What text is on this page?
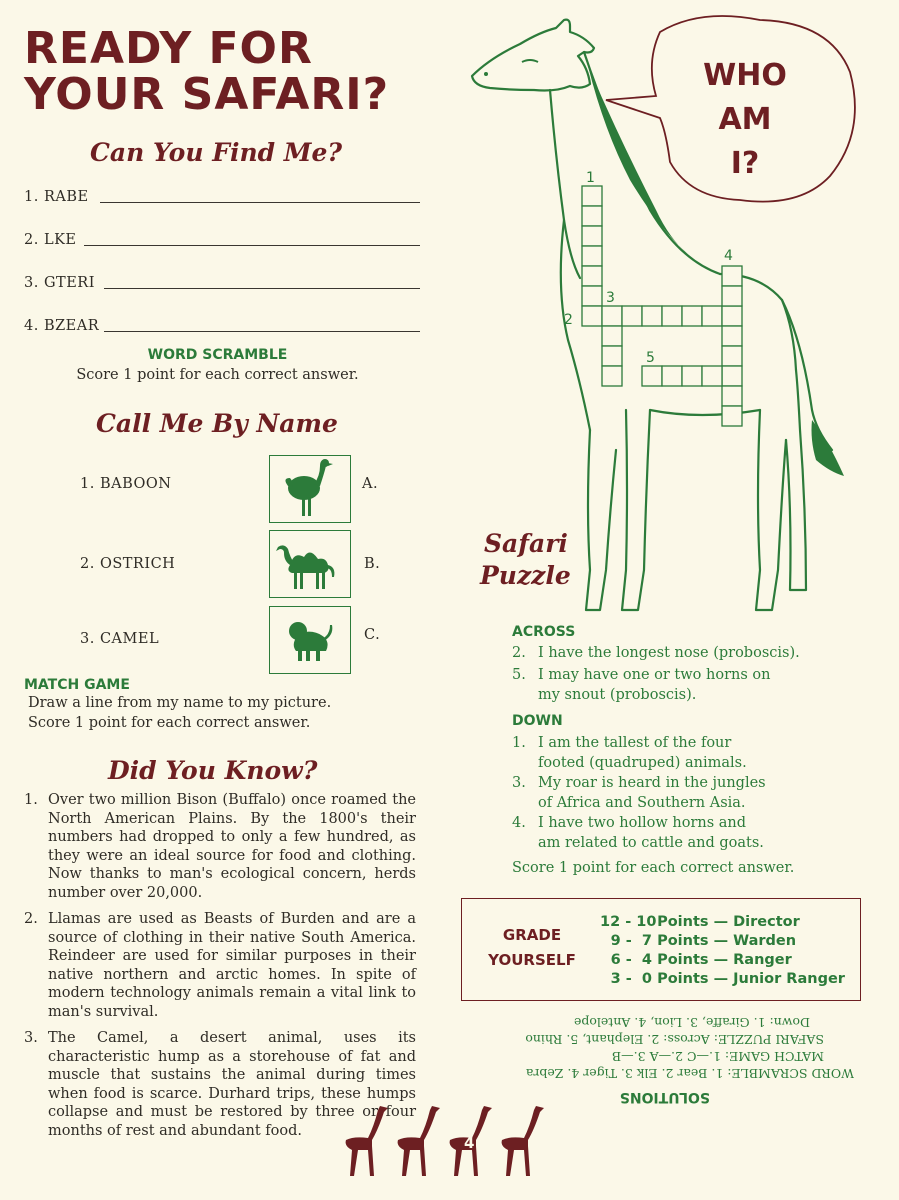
READY FOR
YOUR SAFARI?
Can You Find Me?
1. RABE
2. LKE
3. GTERI
4. BZEAR
WORD SCRAMBLE
Score 1 point for each correct answer.
Call Me By Name
1. BABOON
2. OSTRICH
3. CAMEL
A.
B.
C.
MATCH GAME
Draw a line from my name to my picture.
Score 1 point for each correct answer.
Did You Know?
1. Over two million Bison (Buffalo) once roamed the North American Plains. By the 1800's their numbers had dropped to only a few hundred, as they were an ideal source for food and clothing. Now thanks to man's ecological concern, herds number over 20,000.
2. Llamas are used as Beasts of Burden and are a source of clothing in their native South America. Reindeer are used for similar purposes in their native northern and arctic homes. In spite of modern technology animals remain a vital link to man's survival.
3. The Camel, a desert animal, uses its characteristic hump as a storehouse of fat and muscle that sustains the animal during times when food is scarce. Durhard trips, these humps collapse and must be restored by three or four months of rest and abundant food.
1
2
3
4
5
WHO
AM
I?
Safari
Puzzle
ACROSS
2. I have the longest nose (proboscis).
5. I may have one or two horns on
my snout (proboscis).
DOWN
1. I am the tallest of the four
footed (quadruped) animals.
3. My roar is heard in the jungles
of Africa and Southern Asia.
4. I have two hollow horns and
am related to cattle and goats.
Score 1 point for each correct answer.
GRADE
YOURSELF
12 - 10 Points — Director
9 -  7 Points — Warden
6 -  4 Points — Ranger
3 -  0 Points — Junior Ranger
SOLUTIONS
WORD SCRAMBLE: 1. Bear 2. Elk 3. Tiger 4. Zebra
MATCH GAME: 1.—C 2.—A 3.—B
SAFARI PUZZLE: Across: 2. Elephant, 5. Rhino
Down: 1. Giraffe, 3. Lion, 4. Antelope
4
